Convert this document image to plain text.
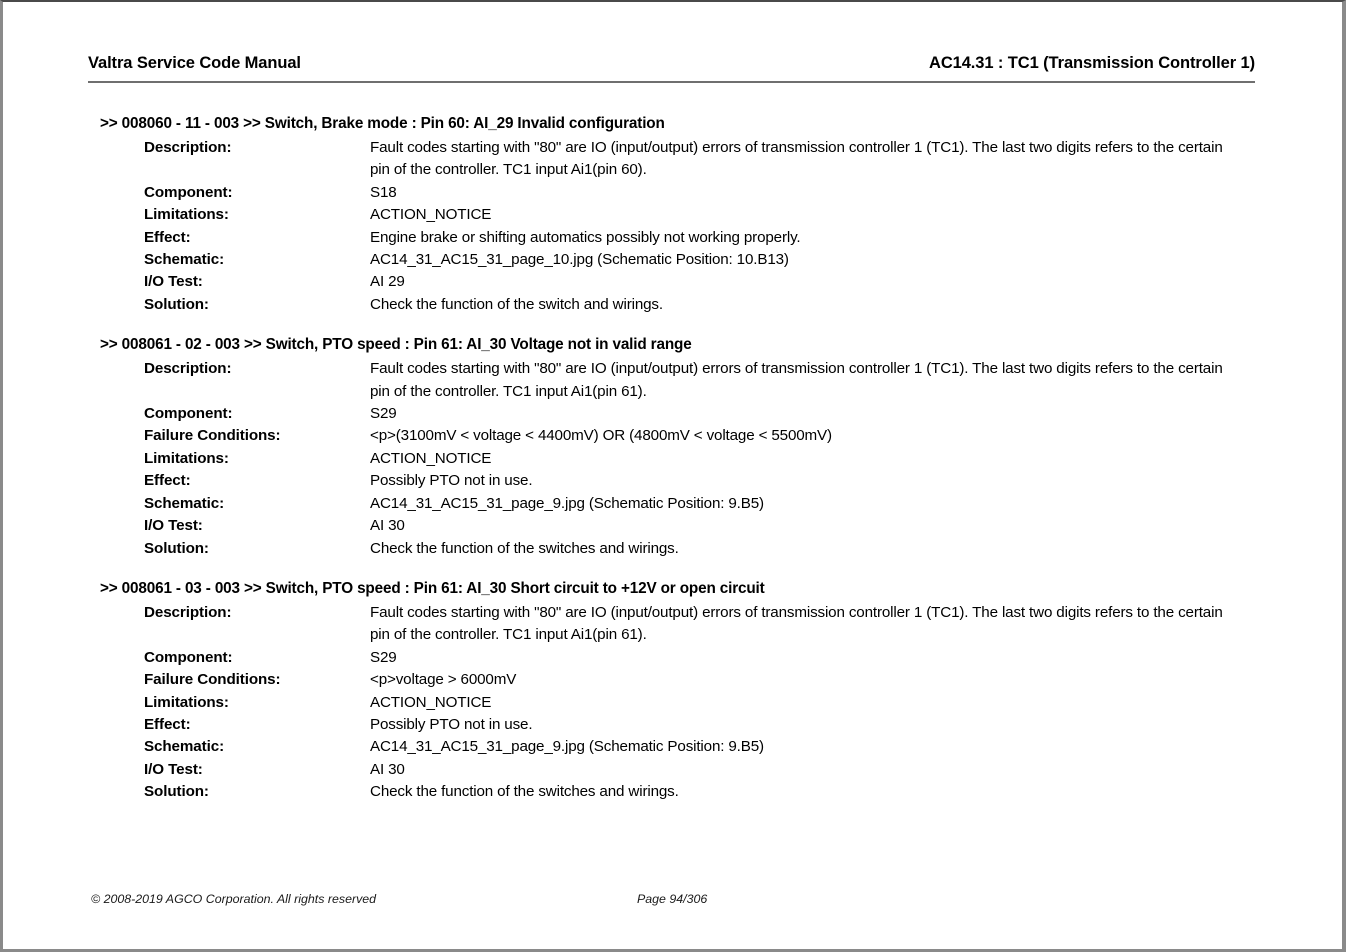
Valtra Service Code Manual	AC14.31 : TC1 (Transmission Controller 1)
>> 008060 - 11 - 003 >> Switch, Brake mode : Pin 60: AI_29 Invalid configuration
Description:	Fault codes starting with "80" are IO (input/output) errors of transmission controller 1 (TC1). The last two digits refers to the certain pin of the controller. TC1 input Ai1(pin 60).
Component:	S18
Limitations:	ACTION_NOTICE
Effect:	Engine brake or shifting automatics possibly not working properly.
Schematic:	AC14_31_AC15_31_page_10.jpg (Schematic Position: 10.B13)
I/O Test:	AI 29
Solution:	Check the function of the switch and wirings.
>> 008061 - 02 - 003 >> Switch, PTO speed : Pin 61: AI_30 Voltage not in valid range
Description:	Fault codes starting with "80" are IO (input/output) errors of transmission controller 1 (TC1). The last two digits refers to the certain pin of the controller. TC1 input Ai1(pin 61).
Component:	S29
Failure Conditions:	<p>(3100mV < voltage < 4400mV) OR (4800mV < voltage < 5500mV)
Limitations:	ACTION_NOTICE
Effect:	Possibly PTO not in use.
Schematic:	AC14_31_AC15_31_page_9.jpg (Schematic Position: 9.B5)
I/O Test:	AI 30
Solution:	Check the function of the switches and wirings.
>> 008061 - 03 - 003 >> Switch, PTO speed : Pin 61: AI_30 Short circuit to +12V or open circuit
Description:	Fault codes starting with "80" are IO (input/output) errors of transmission controller 1 (TC1). The last two digits refers to the certain pin of the controller. TC1 input Ai1(pin 61).
Component:	S29
Failure Conditions:	<p>voltage > 6000mV
Limitations:	ACTION_NOTICE
Effect:	Possibly PTO not in use.
Schematic:	AC14_31_AC15_31_page_9.jpg (Schematic Position: 9.B5)
I/O Test:	AI 30
Solution:	Check the function of the switches and wirings.
© 2008-2019 AGCO Corporation. All rights reserved	Page 94/306
